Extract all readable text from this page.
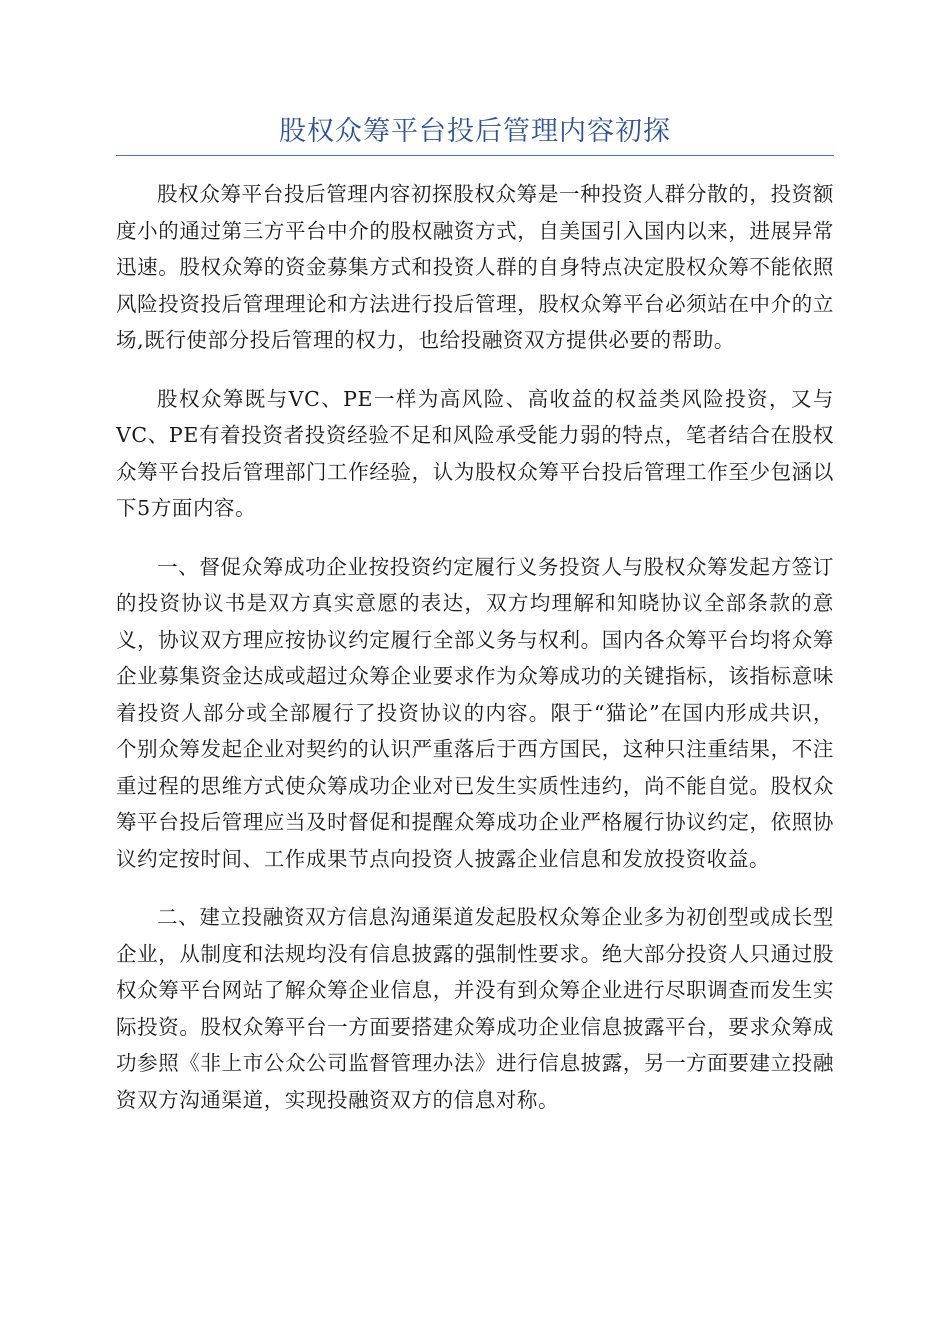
股权众筹平台投后管理内容初探

股权众筹平台投后管理内容初探股权众筹是一种投资人群分散的，投资额度小的通过第三方平台中介的股权融资方式，自美国引入国内以来，进展异常迅速。股权众筹的资金募集方式和投资人群的自身特点决定股权众筹不能依照风险投资投后管理理论和方法进行投后管理，股权众筹平台必须站在中介的立场,既行使部分投后管理的权力，也给投融资双方提供必要的帮助。

股权众筹既与VC、PE一样为高风险、高收益的权益类风险投资，又与VC、PE有着投资者投资经验不足和风险承受能力弱的特点，笔者结合在股权众筹平台投后管理部门工作经验，认为股权众筹平台投后管理工作至少包涵以下5方面内容。

一、督促众筹成功企业按投资约定履行义务投资人与股权众筹发起方签订的投资协议书是双方真实意愿的表达，双方均理解和知晓协议全部条款的意义，协议双方理应按协议约定履行全部义务与权利。国内各众筹平台均将众筹企业募集资金达成或超过众筹企业要求作为众筹成功的关键指标，该指标意味着投资人部分或全部履行了投资协议的内容。限于“猫论”在国内形成共识，个别众筹发起企业对契约的认识严重落后于西方国民，这种只注重结果，不注重过程的思维方式使众筹成功企业对已发生实质性违约，尚不能自觉。股权众筹平台投后管理应当及时督促和提醒众筹成功企业严格履行协议约定，依照协议约定按时间、工作成果节点向投资人披露企业信息和发放投资收益。

二、建立投融资双方信息沟通渠道发起股权众筹企业多为初创型或成长型企业，从制度和法规均没有信息披露的强制性要求。绝大部分投资人只通过股权众筹平台网站了解众筹企业信息，并没有到众筹企业进行尽职调查而发生实际投资。股权众筹平台一方面要搭建众筹成功企业信息披露平台，要求众筹成功参照《非上市公众公司监督管理办法》进行信息披露，另一方面要建立投融资双方沟通渠道，实现投融资双方的信息对称。
